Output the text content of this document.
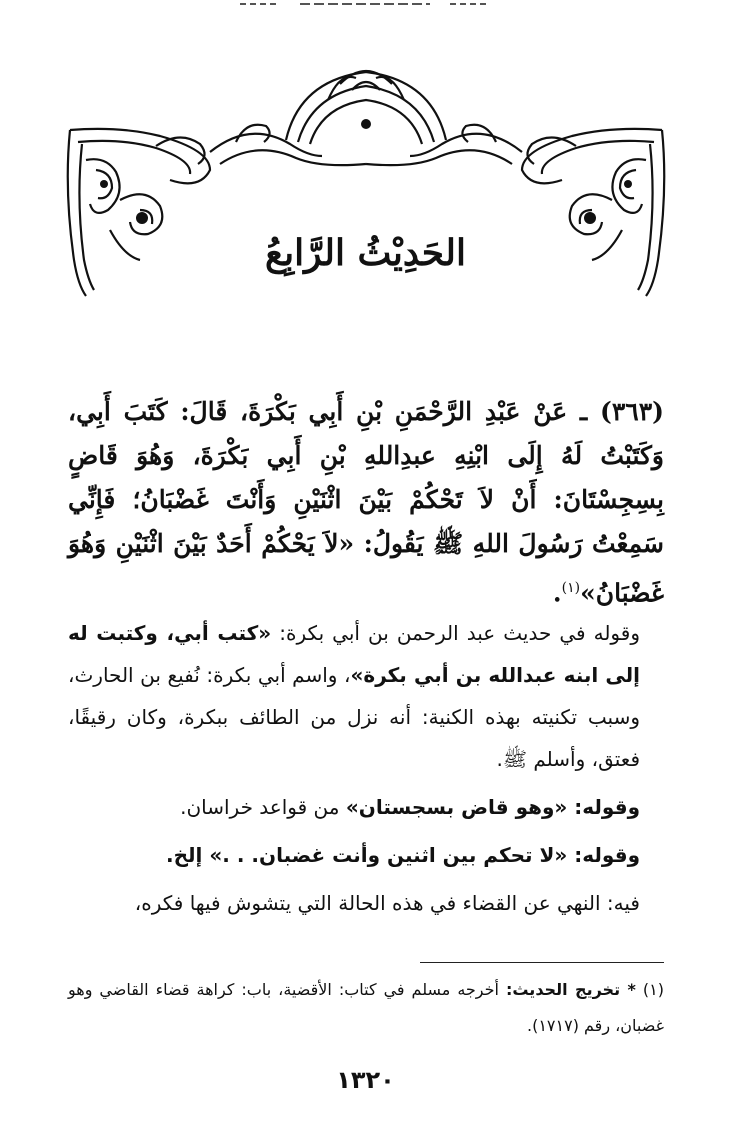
الحَدِيْثُ الرَّابِعُ
(٣٦٣) ـ عَنْ عَبْدِ الرَّحْمَنِ بْنِ أَبِي بَكْرَةَ، قَالَ: كَتَبَ أَبِي، وَكَتَبْتُ لَهُ إِلَى ابْنِهِ عبدِاللهِ بْنِ أَبِي بَكْرَةَ، وَهُوَ قَاضٍ بِسِجِسْتَانَ: أَنْ لاَ تَحْكُمْ بَيْنَ اثْنَيْنِ وَأَنْتَ غَضْبَانُ؛ فَإِنِّي سَمِعْتُ رَسُولَ اللهِ ﷺ يَقُولُ: «لاَ يَحْكُمْ أَحَدٌ بَيْنَ اثْنَيْنِ وَهُوَ غَضْبَانُ»$^{(١)}$.

وقوله في حديث عبد الرحمن بن أبي بكرة: «كتب أبي، وكتبت له إلى ابنه عبدالله بن أبي بكرة»، واسم أبي بكرة: نُفيع بن الحارث، وسبب تكنيته بهذه الكنية: أنه نزل من الطائف ببكرة، وكان رقيقًا، فعتق، وأسلم ﷺ.

وقوله: «وهو قاض بسجستان» من قواعد خراسان.

وقوله: «لا تحكم بين اثنين وأنت غضبان. . .» إلخ.

فيه: النهي عن القضاء في هذه الحالة التي يتشوش فيها فكره،

(١) * تخريج الحديث: أخرجه مسلم في كتاب: الأقضية، باب: كراهة قضاء القاضي وهو غضبان، رقم (١٧١٧).
١٣٢٠
